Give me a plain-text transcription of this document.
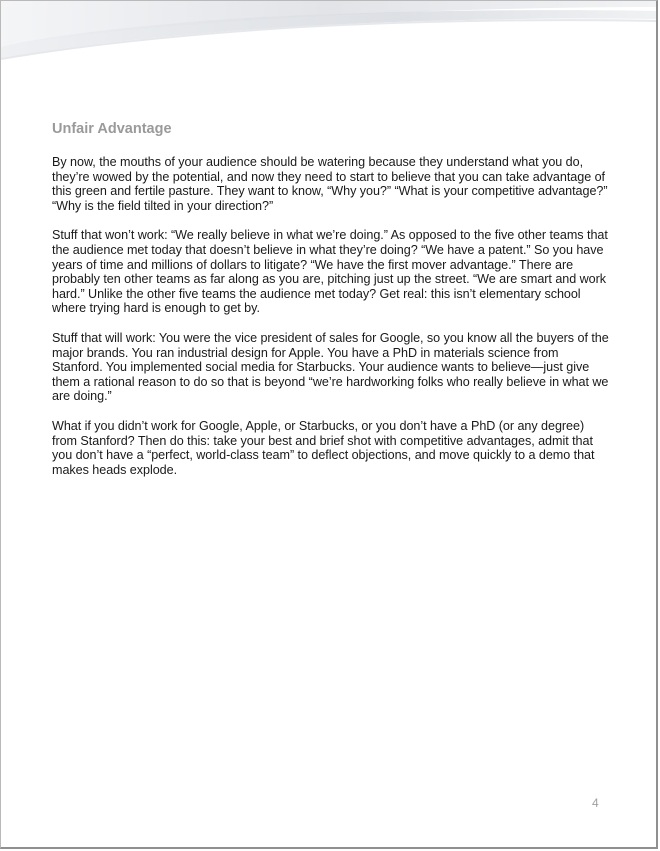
Unfair Advantage

By now, the mouths of your audience should be watering because they understand what you do, they’re wowed by the potential, and now they need to start to believe that you can take advantage of this green and fertile pasture. They want to know, “Why you?” “What is your competitive advantage?” “Why is the field tilted in your direction?”

Stuff that won’t work: “We really believe in what we’re doing.” As opposed to the five other teams that the audience met today that doesn’t believe in what they’re doing? “We have a patent.” So you have years of time and millions of dollars to litigate? “We have the first mover advantage.” There are probably ten other teams as far along as you are, pitching just up the street. “We are smart and work hard.” Unlike the other five teams the audience met today? Get real: this isn’t elementary school where trying hard is enough to get by.

Stuff that will work: You were the vice president of sales for Google, so you know all the buyers of the major brands. You ran industrial design for Apple. You have a PhD in materials science from Stanford. You implemented social media for Starbucks. Your audience wants to believe—just give them a rational reason to do so that is beyond “we’re hardworking folks who really believe in what we are doing.”

What if you didn’t work for Google, Apple, or Starbucks, or you don’t have a PhD (or any degree) from Stanford? Then do this: take your best and brief shot with competitive advantages, admit that you don’t have a “perfect, world-class team” to deflect objections, and move quickly to a demo that makes heads explode.

4
